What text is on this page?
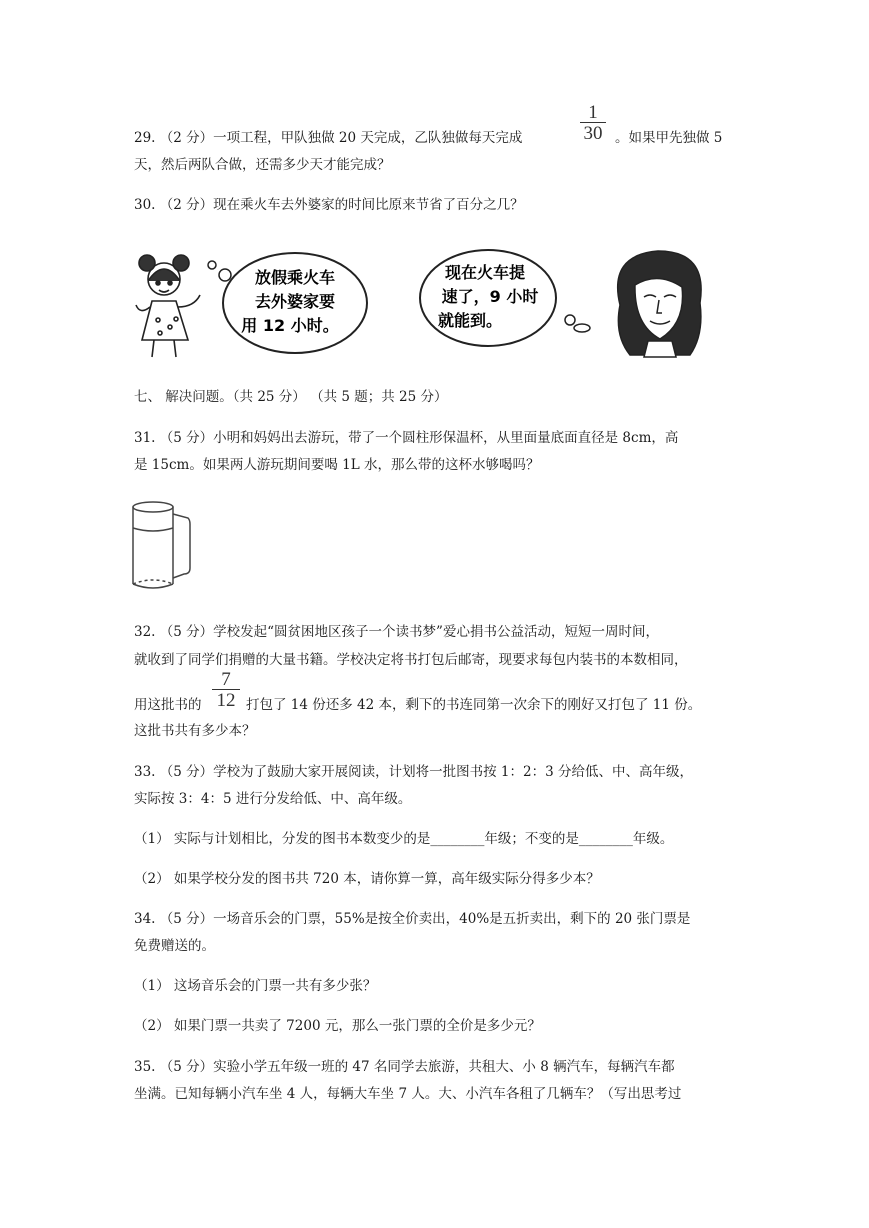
29. （2 分）一项工程，甲队独做 20 天完成，乙队独做每天完成
1
30 。如果甲先独做 5
天，然后两队合做，还需多少天才能完成？
30. （2 分）现在乘火车去外婆家的时间比原来节省了百分之几？
放假乘火车
去外婆家要
用 12 小时。
现在火车提
速了，9 小时
就能到。
七、 解决问题。（共 25 分） （共 5 题；共 25 分）
31. （5 分）小明和妈妈出去游玩，带了一个圆柱形保温杯，从里面量底面直径是 8cm，高
是 15cm。如果两人游玩期间要喝 1L 水，那么带的这杯水够喝吗？
32. （5 分）学校发起“圆贫困地区孩子一个读书梦”爱心捐书公益活动，短短一周时间，
就收到了同学们捐赠的大量书籍。学校决定将书打包后邮寄，现要求每包内装书的本数相同，
用这批书的
7
12 打包了 14 份还多 42 本，剩下的书连同第一次余下的刚好又打包了 11 份。
这批书共有多少本？
33. （5 分）学校为了鼓励大家开展阅读，计划将一批图书按 1：2：3 分给低、中、高年级，
实际按 3：4：5 进行分发给低、中、高年级。
（1） 实际与计划相比，分发的图书本数变少的是________年级；不变的是________年级。
（2） 如果学校分发的图书共 720 本，请你算一算，高年级实际分得多少本？
34. （5 分）一场音乐会的门票，55%是按全价卖出，40%是五折卖出，剩下的 20 张门票是
免费赠送的。
（1） 这场音乐会的门票一共有多少张？
（2） 如果门票一共卖了 7200 元，那么一张门票的全价是多少元？
35. （5 分）实验小学五年级一班的 47 名同学去旅游，共租大、小 8 辆汽车，每辆汽车都
坐满。已知每辆小汽车坐 4 人，每辆大车坐 7 人。大、小汽车各租了几辆车？（写出思考过
